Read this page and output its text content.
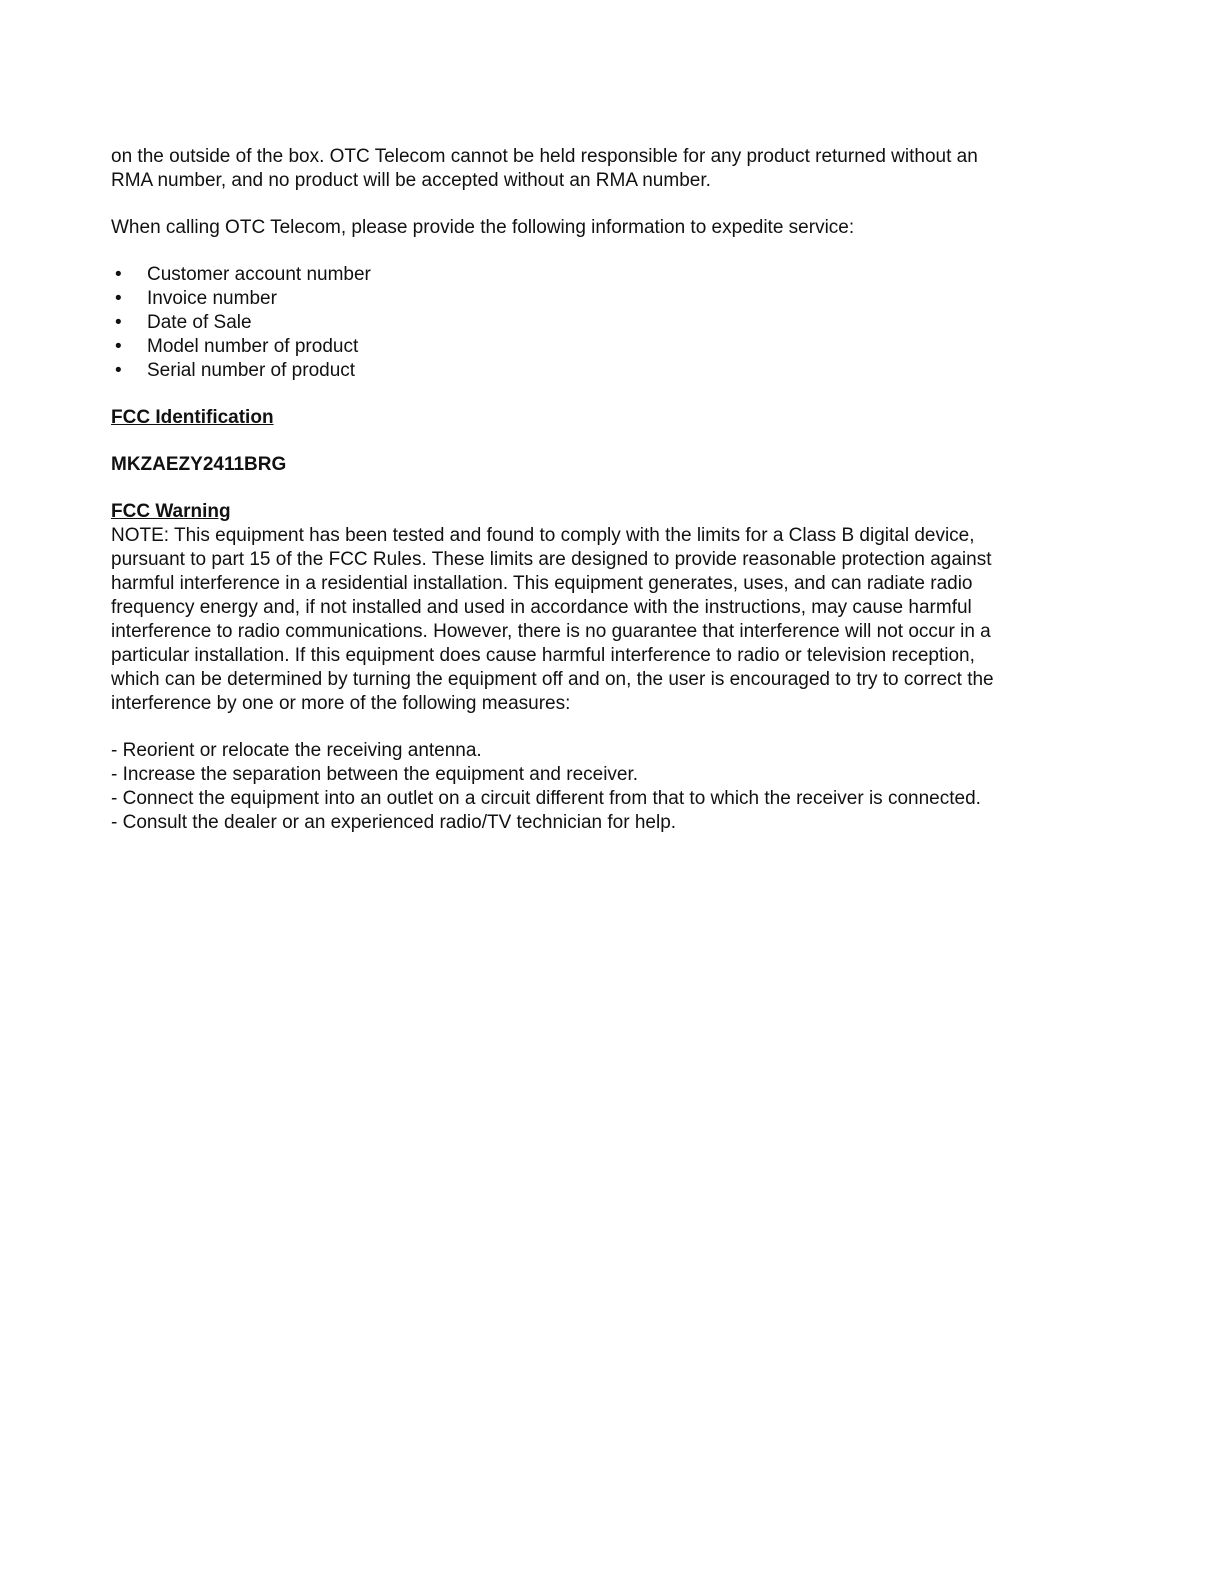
on the outside of the box. OTC Telecom cannot be held responsible for any product returned without an RMA number, and no product will be accepted without an RMA number.

When calling OTC Telecom, please provide the following information to expedite service:

• Customer account number
• Invoice number
• Date of Sale
• Model number of product
• Serial number of product

FCC Identification

MKZAEZY2411BRG

FCC Warning

NOTE: This equipment has been tested and found to comply with the limits for a Class B digital device, pursuant to part 15 of the FCC Rules. These limits are designed to provide reasonable protection against harmful interference in a residential installation. This equipment generates, uses, and can radiate radio frequency energy and, if not installed and used in accordance with the instructions, may cause harmful interference to radio communications. However, there is no guarantee that interference will not occur in a particular installation. If this equipment does cause harmful interference to radio or television reception, which can be determined by turning the equipment off and on, the user is encouraged to try to correct the interference by one or more of the following measures:

- Reorient or relocate the receiving antenna.

- Increase the separation between the equipment and receiver.

- Connect the equipment into an outlet on a circuit different from that to which the receiver is connected.

- Consult the dealer or an experienced radio/TV technician for help.
